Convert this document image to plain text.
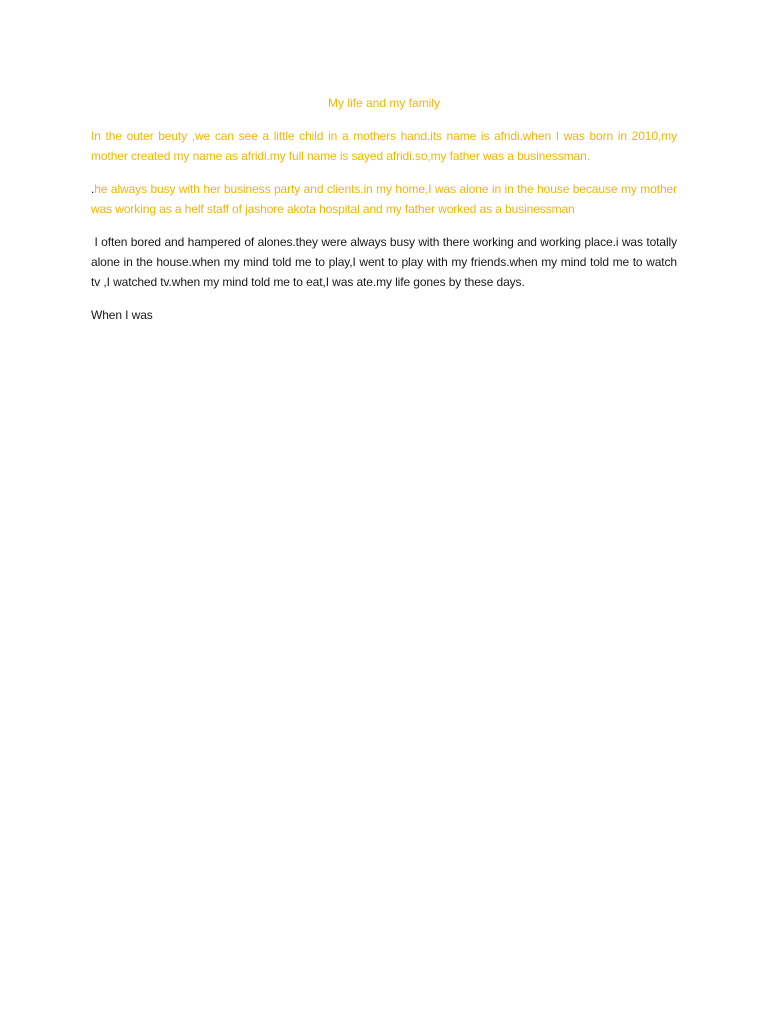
My life and my family

In the outer beuty ,we can see a little child in a mothers hand.its name is afridi.when I was born in 2010,my mother created my name as afridi.my full name is sayed afridi.so,my father was a businessman.

.he always busy with her business party and clients.in my home,I was alone in in the house because my mother was working as a helf staff of jashore akota hospital and my father worked as a businessman

I often bored and hampered of alones.they were always busy with there working and working place.i was totally alone in the house.when my mind told me to play,I went to play with my friends.when my mind told me to watch tv ,I watched tv.when my mind told me to eat,I was ate.my life gones by these days.

When I was
